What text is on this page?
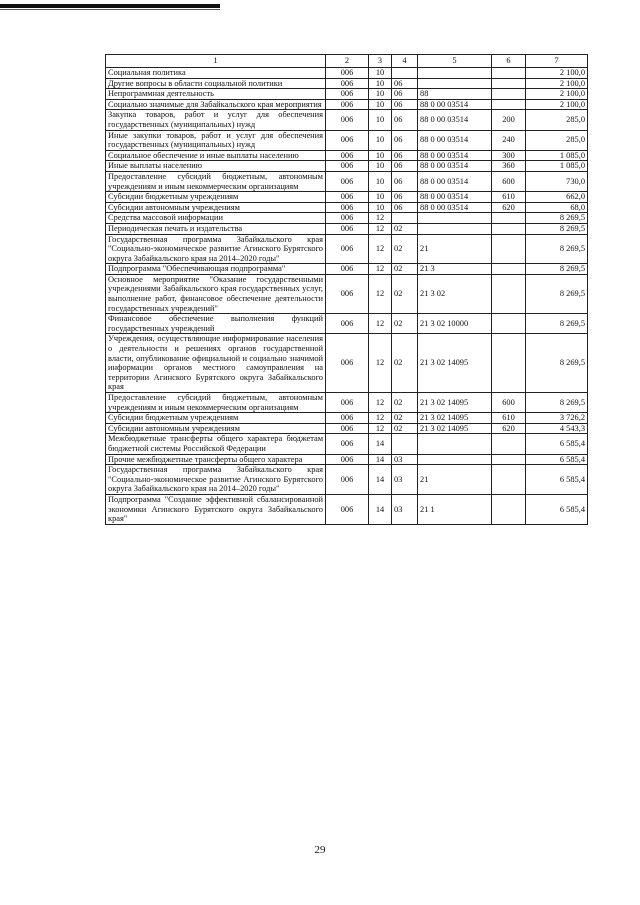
1	2	3	4	5	6	7
Социальная политика	006	10				2 100,0
Другие вопросы в области социальной политики	006	10	06			2 100,0
Непрограммная деятельность	006	10	06	88		2 100,0
Социально значимые для Забайкальского края мероприятия	006	10	06	88 0 00 03514		2 100,0
Закупка товаров, работ и услуг для обеспечения государственных (муниципальных) нужд	006	10	06	88 0 00 03514	200	285,0
Иные закупки товаров, работ и услуг для обеспечения государственных (муниципальных) нужд	006	10	06	88 0 00 03514	240	285,0
Социальное обеспечение и иные выплаты населению	006	10	06	88 0 00 03514	300	1 085,0
Иные выплаты населению	006	10	06	88 0 00 03514	360	1 085,0
Предоставление субсидий бюджетным, автономным учреждениям и иным некоммерческим организациям	006	10	06	88 0 00 03514	600	730,0
Субсидии бюджетным учреждениям	006	10	06	88 0 00 03514	610	662,0
Субсидии автономным учреждениям	006	10	06	88 0 00 03514	620	68,0
Средства массовой информации	006	12				8 269,5
Периодическая печать и издательства	006	12	02			8 269,5
Государственная программа Забайкальского края "Социально-экономическое развитие Агинского Бурятского округа Забайкальского края на 2014–2020 годы"	006	12	02	21		8 269,5
Подпрограмма "Обеспечивающая подпрограмма"	006	12	02	21 3		8 269,5
Основное мероприятие "Оказание государственными учреждениями Забайкальского края государственных услуг, выполнение работ, финансовое обеспечение деятельности государственных учреждений"	006	12	02	21 3 02		8 269,5
Финансовое обеспечение выполнения функций государственных учреждений	006	12	02	21 3 02 10000		8 269,5
Учреждения, осуществляющие информирование населения о деятельности и решениях органов государственной власти, опубликование официальной и социально значимой информации органов местного самоуправления на территории Агинского Бурятского округа Забайкальского края	006	12	02	21 3 02 14095		8 269,5
Предоставление субсидий бюджетным, автономным учреждениям и иным некоммерческим организациям	006	12	02	21 3 02 14095	600	8 269,5
Субсидии бюджетным учреждениям	006	12	02	21 3 02 14095	610	3 726,2
Субсидии автономным учреждениям	006	12	02	21 3 02 14095	620	4 543,3
Межбюджетные трансферты общего характера бюджетам бюджетной системы Российской Федерации	006	14				6 585,4
Прочие межбюджетные трансферты общего характера	006	14	03			6 585,4
Государственная программа Забайкальского края "Социально-экономическое развитие Агинского Бурятского округа Забайкальского края на 2014–2020 годы"	006	14	03	21		6 585,4
Подпрограмма "Создание эффективной сбалансированной экономики Агинского Бурятского округа Забайкальского края"	006	14	03	21 1		6 585,4
29
